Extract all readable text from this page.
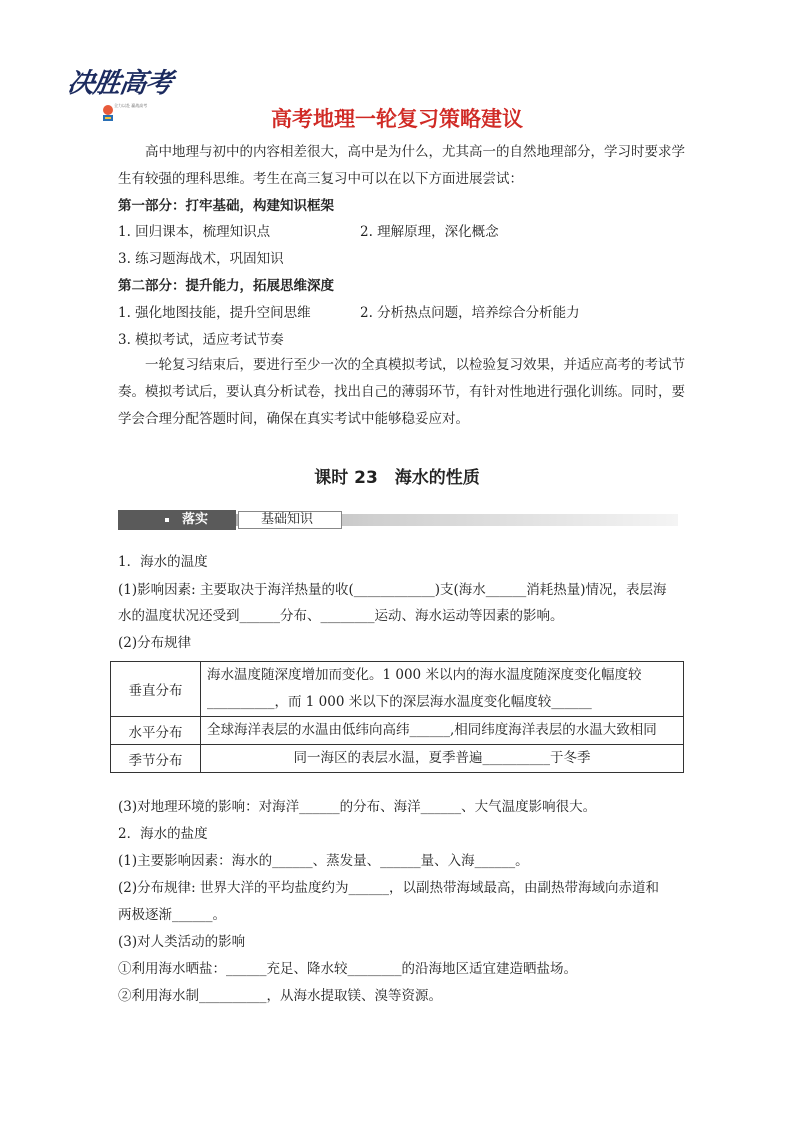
决胜高考
全力以赴 赢战高考
高考地理一轮复习策略建议
高中地理与初中的内容相差很大，高中是为什么，尤其高一的自然地理部分，学习时要求学生有较强的理科思维。考生在高三复习中可以在以下方面进展尝试：
第一部分：打牢基础，构建知识框架
1. 回归课本，梳理知识点	2. 理解原理，深化概念
3. 练习题海战术，巩固知识
第二部分：提升能力，拓展思维深度
1. 强化地图技能，提升空间思维	2. 分析热点问题，培养综合分析能力
3. 模拟考试，适应考试节奏
一轮复习结束后，要进行至少一次的全真模拟考试，以检验复习效果，并适应高考的考试节奏。模拟考试后，要认真分析试卷，找出自己的薄弱环节，有针对性地进行强化训练。同时，要学会合理分配答题时间，确保在真实考试中能够稳妥应对。
课时 23　海水的性质
落实	基础知识
1．海水的温度
(1)影响因素: 主要取决于海洋热量的收(____________)支(海水______消耗热量)情况，表层海
水的温度状况还受到______分布、________运动、海水运动等因素的影响。
(2)分布规律
垂直分布	海水温度随深度增加而变化。1 000 米以内的海水温度随深度变化幅度较
__________，而 1 000 米以下的深层海水温度变化幅度较______

水平分布	全球海洋表层的水温由低纬向高纬______,相同纬度海洋表层的水温大致相同

季节分布	同一海区的表层水温，夏季普遍__________于冬季
(3)对地理环境的影响：对海洋______的分布、海洋______、大气温度影响很大。
2．海水的盐度
(1)主要影响因素：海水的______、蒸发量、______量、入海______。
(2)分布规律: 世界大洋的平均盐度约为______，以副热带海域最高，由副热带海域向赤道和
两极逐渐______。
(3)对人类活动的影响
①利用海水晒盐：______充足、降水较________的沿海地区适宜建造晒盐场。
②利用海水制__________，从海水提取镁、溴等资源。
